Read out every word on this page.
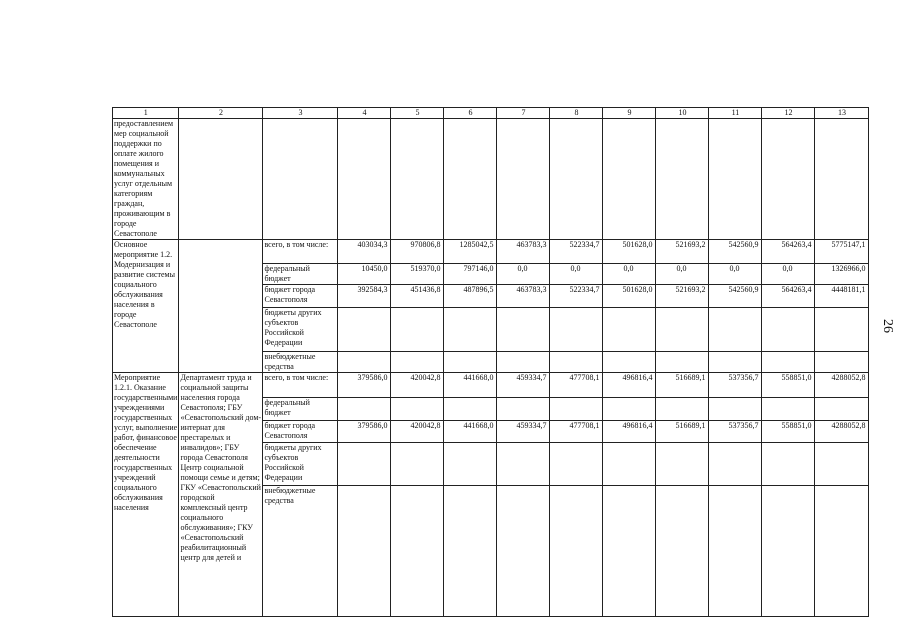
1	2	3	4	5	6	7	8	9	10	11	12	13
предоставлением мер социальной поддержки по оплате жилого помещения и коммунальных услуг отдельным категориям граждан, проживающим в городе Севастополе												
Основное мероприятие 1.2. Модернизация и развитие системы социального обслуживания населения в городе Севастополе		всего, в том числе:	403034,3	970806,8	1285042,5	463783,3	522334,7	501628,0	521693,2	542560,9	564263,4	5775147,1
		федеральный бюджет	10450,0	519370,0	797146,0	0,0	0,0	0,0	0,0	0,0	0,0	1326966,0
		бюджет города Севастополя	392584,3	451436,8	487896,5	463783,3	522334,7	501628,0	521693,2	542560,9	564263,4	4448181,1
		бюджеты других субъектов Российской Федерации										
		внебюджетные средства										
Мероприятие 1.2.1. Оказание государственными учреждениями государственных услуг, выполнение работ, финансовое обеспечение деятельности государственных учреждений социального обслуживания населения	Департамент труда и социальной защиты населения города Севастополя; ГБУ «Севастопольский дом-интернат для престарелых и инвалидов»; ГБУ города Севастополя Центр социальной помощи семье и детям; ГКУ «Севастопольский городской комплексный центр социального обслуживания»; ГКУ «Севастопольский реабилитационный центр для детей и	всего, в том числе:	379586,0	420042,8	441668,0	459334,7	477708,1	496816,4	516689,1	537356,7	558851,0	4288052,8
		федеральный бюджет										
		бюджет города Севастополя	379586,0	420042,8	441668,0	459334,7	477708,1	496816,4	516689,1	537356,7	558851,0	4288052,8
		бюджеты других субъектов Российской Федерации										
		внебюджетные средства										
26
